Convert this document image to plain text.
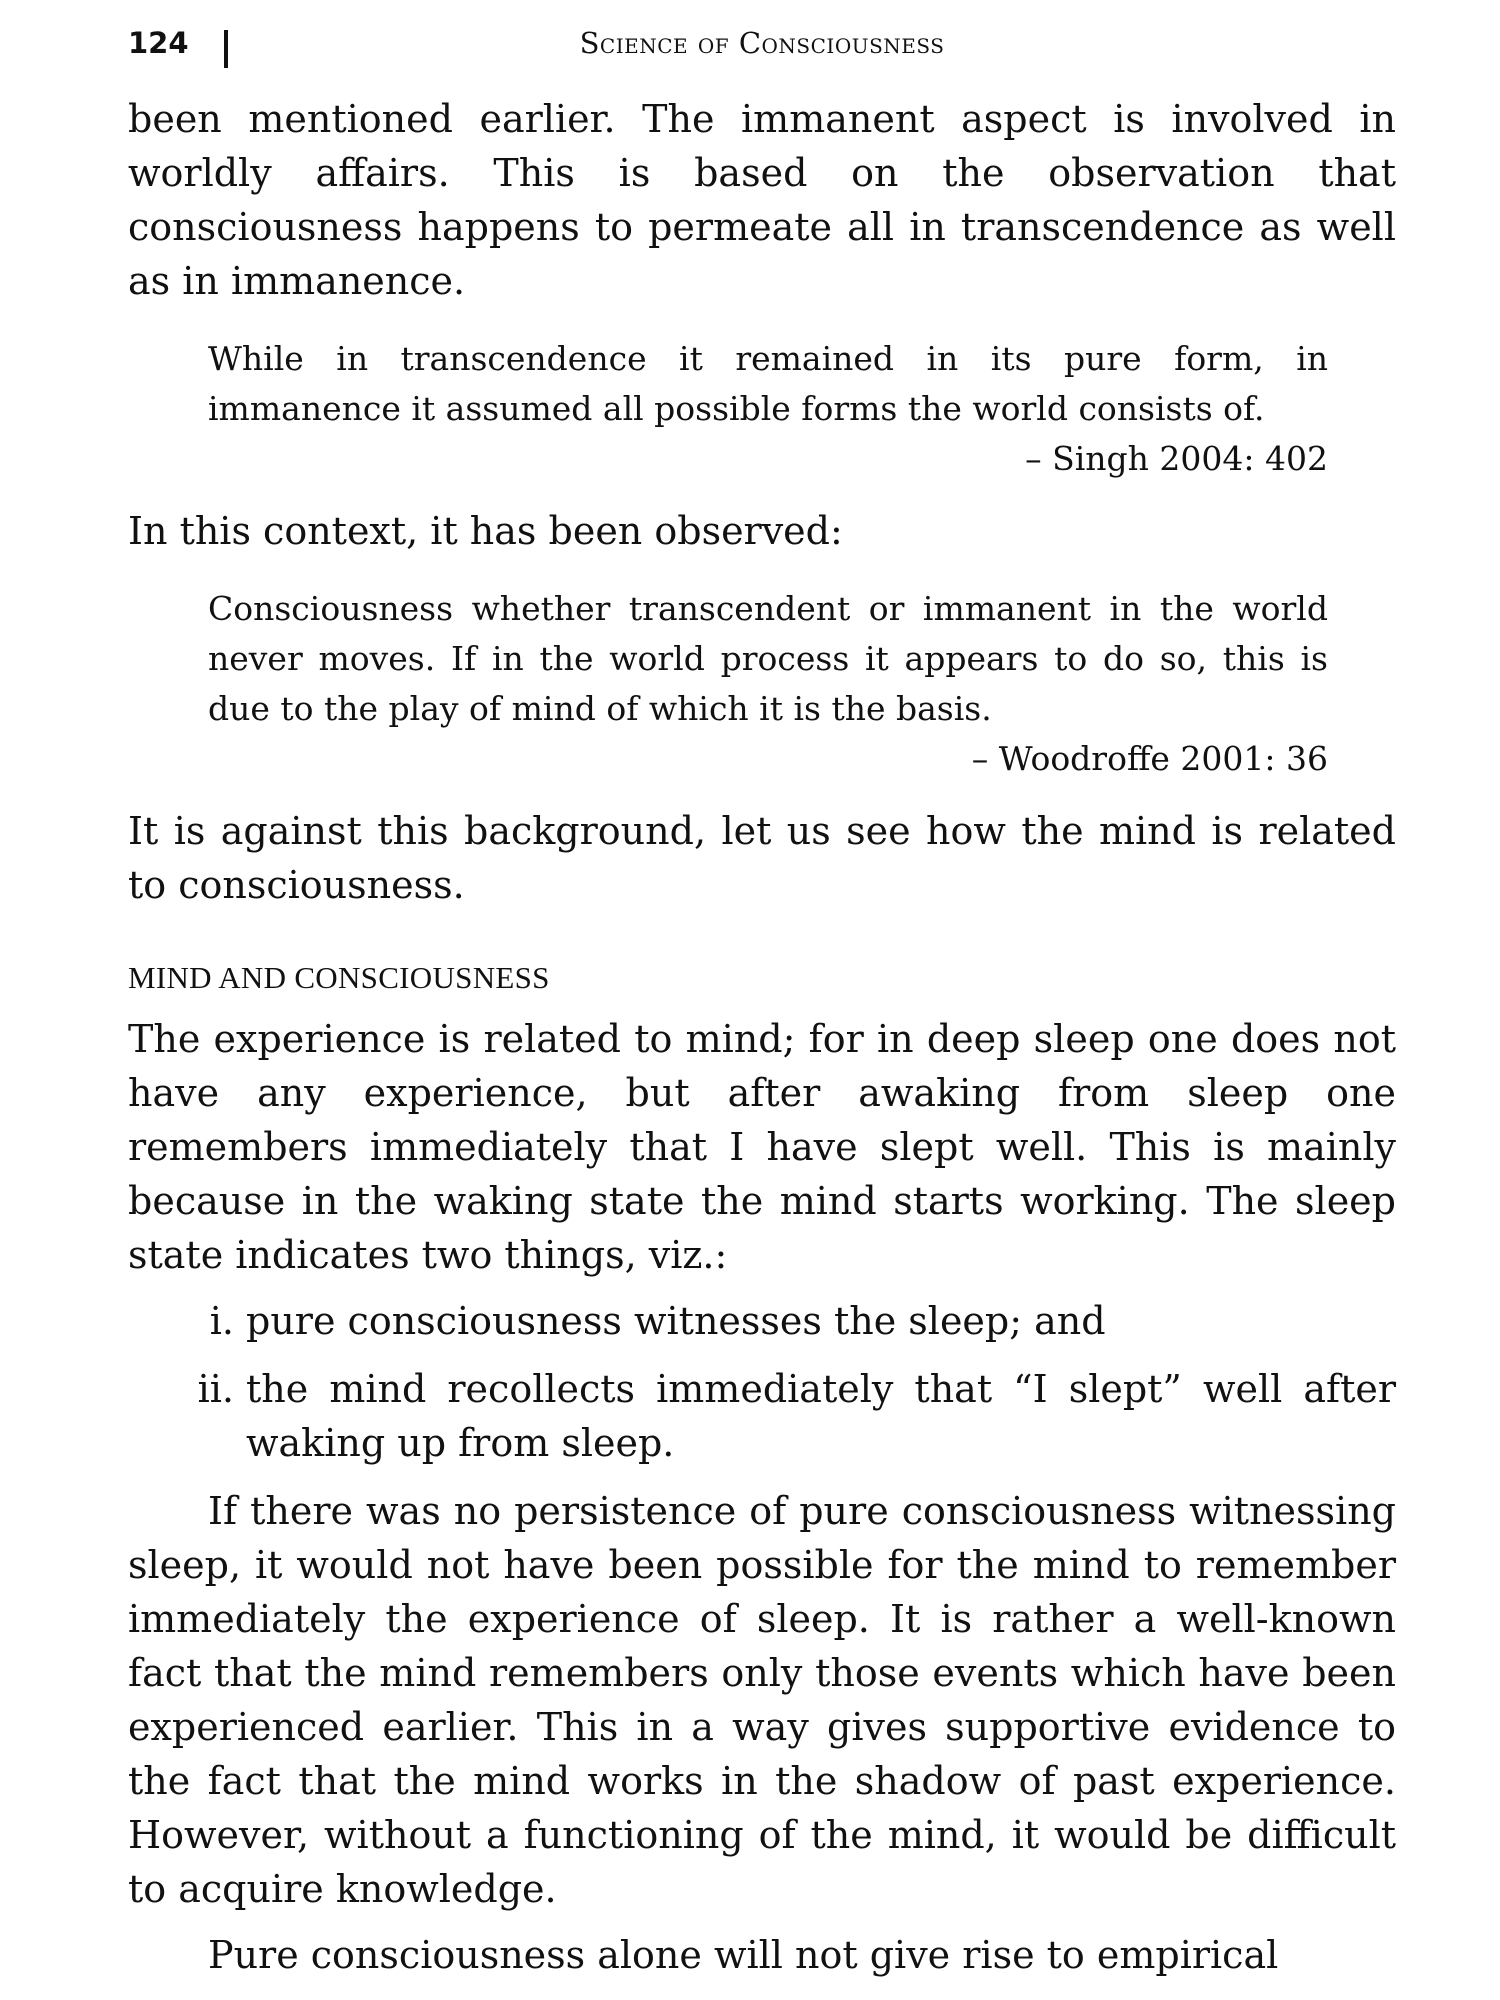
124	Science of Consciousness

been mentioned earlier. The immanent aspect is involved in worldly affairs. This is based on the observation that consciousness happens to permeate all in transcendence as well as in immanence.

While in transcendence it remained in its pure form, in immanence it assumed all possible forms the world consists of.

– Singh 2004: 402

In this context, it has been observed:

Consciousness whether transcendent or immanent in the world never moves. If in the world process it appears to do so, this is due to the play of mind of which it is the basis.

– Woodroffe 2001: 36

It is against this background, let us see how the mind is related to consciousness.

MIND AND CONSCIOUSNESS

The experience is related to mind; for in deep sleep one does not have any experience, but after awaking from sleep one remembers immediately that I have slept well. This is mainly because in the waking state the mind starts working. The sleep state indicates two things, viz.:

i. pure consciousness witnesses the sleep; and
ii. the mind recollects immediately that “I slept” well after waking up from sleep.

If there was no persistence of pure consciousness witnessing sleep, it would not have been possible for the mind to remember immediately the experience of sleep. It is rather a well-known fact that the mind remembers only those events which have been experienced earlier. This in a way gives supportive evidence to the fact that the mind works in the shadow of past experience. However, without a functioning of the mind, it would be difficult to acquire knowledge.

Pure consciousness alone will not give rise to empirical
